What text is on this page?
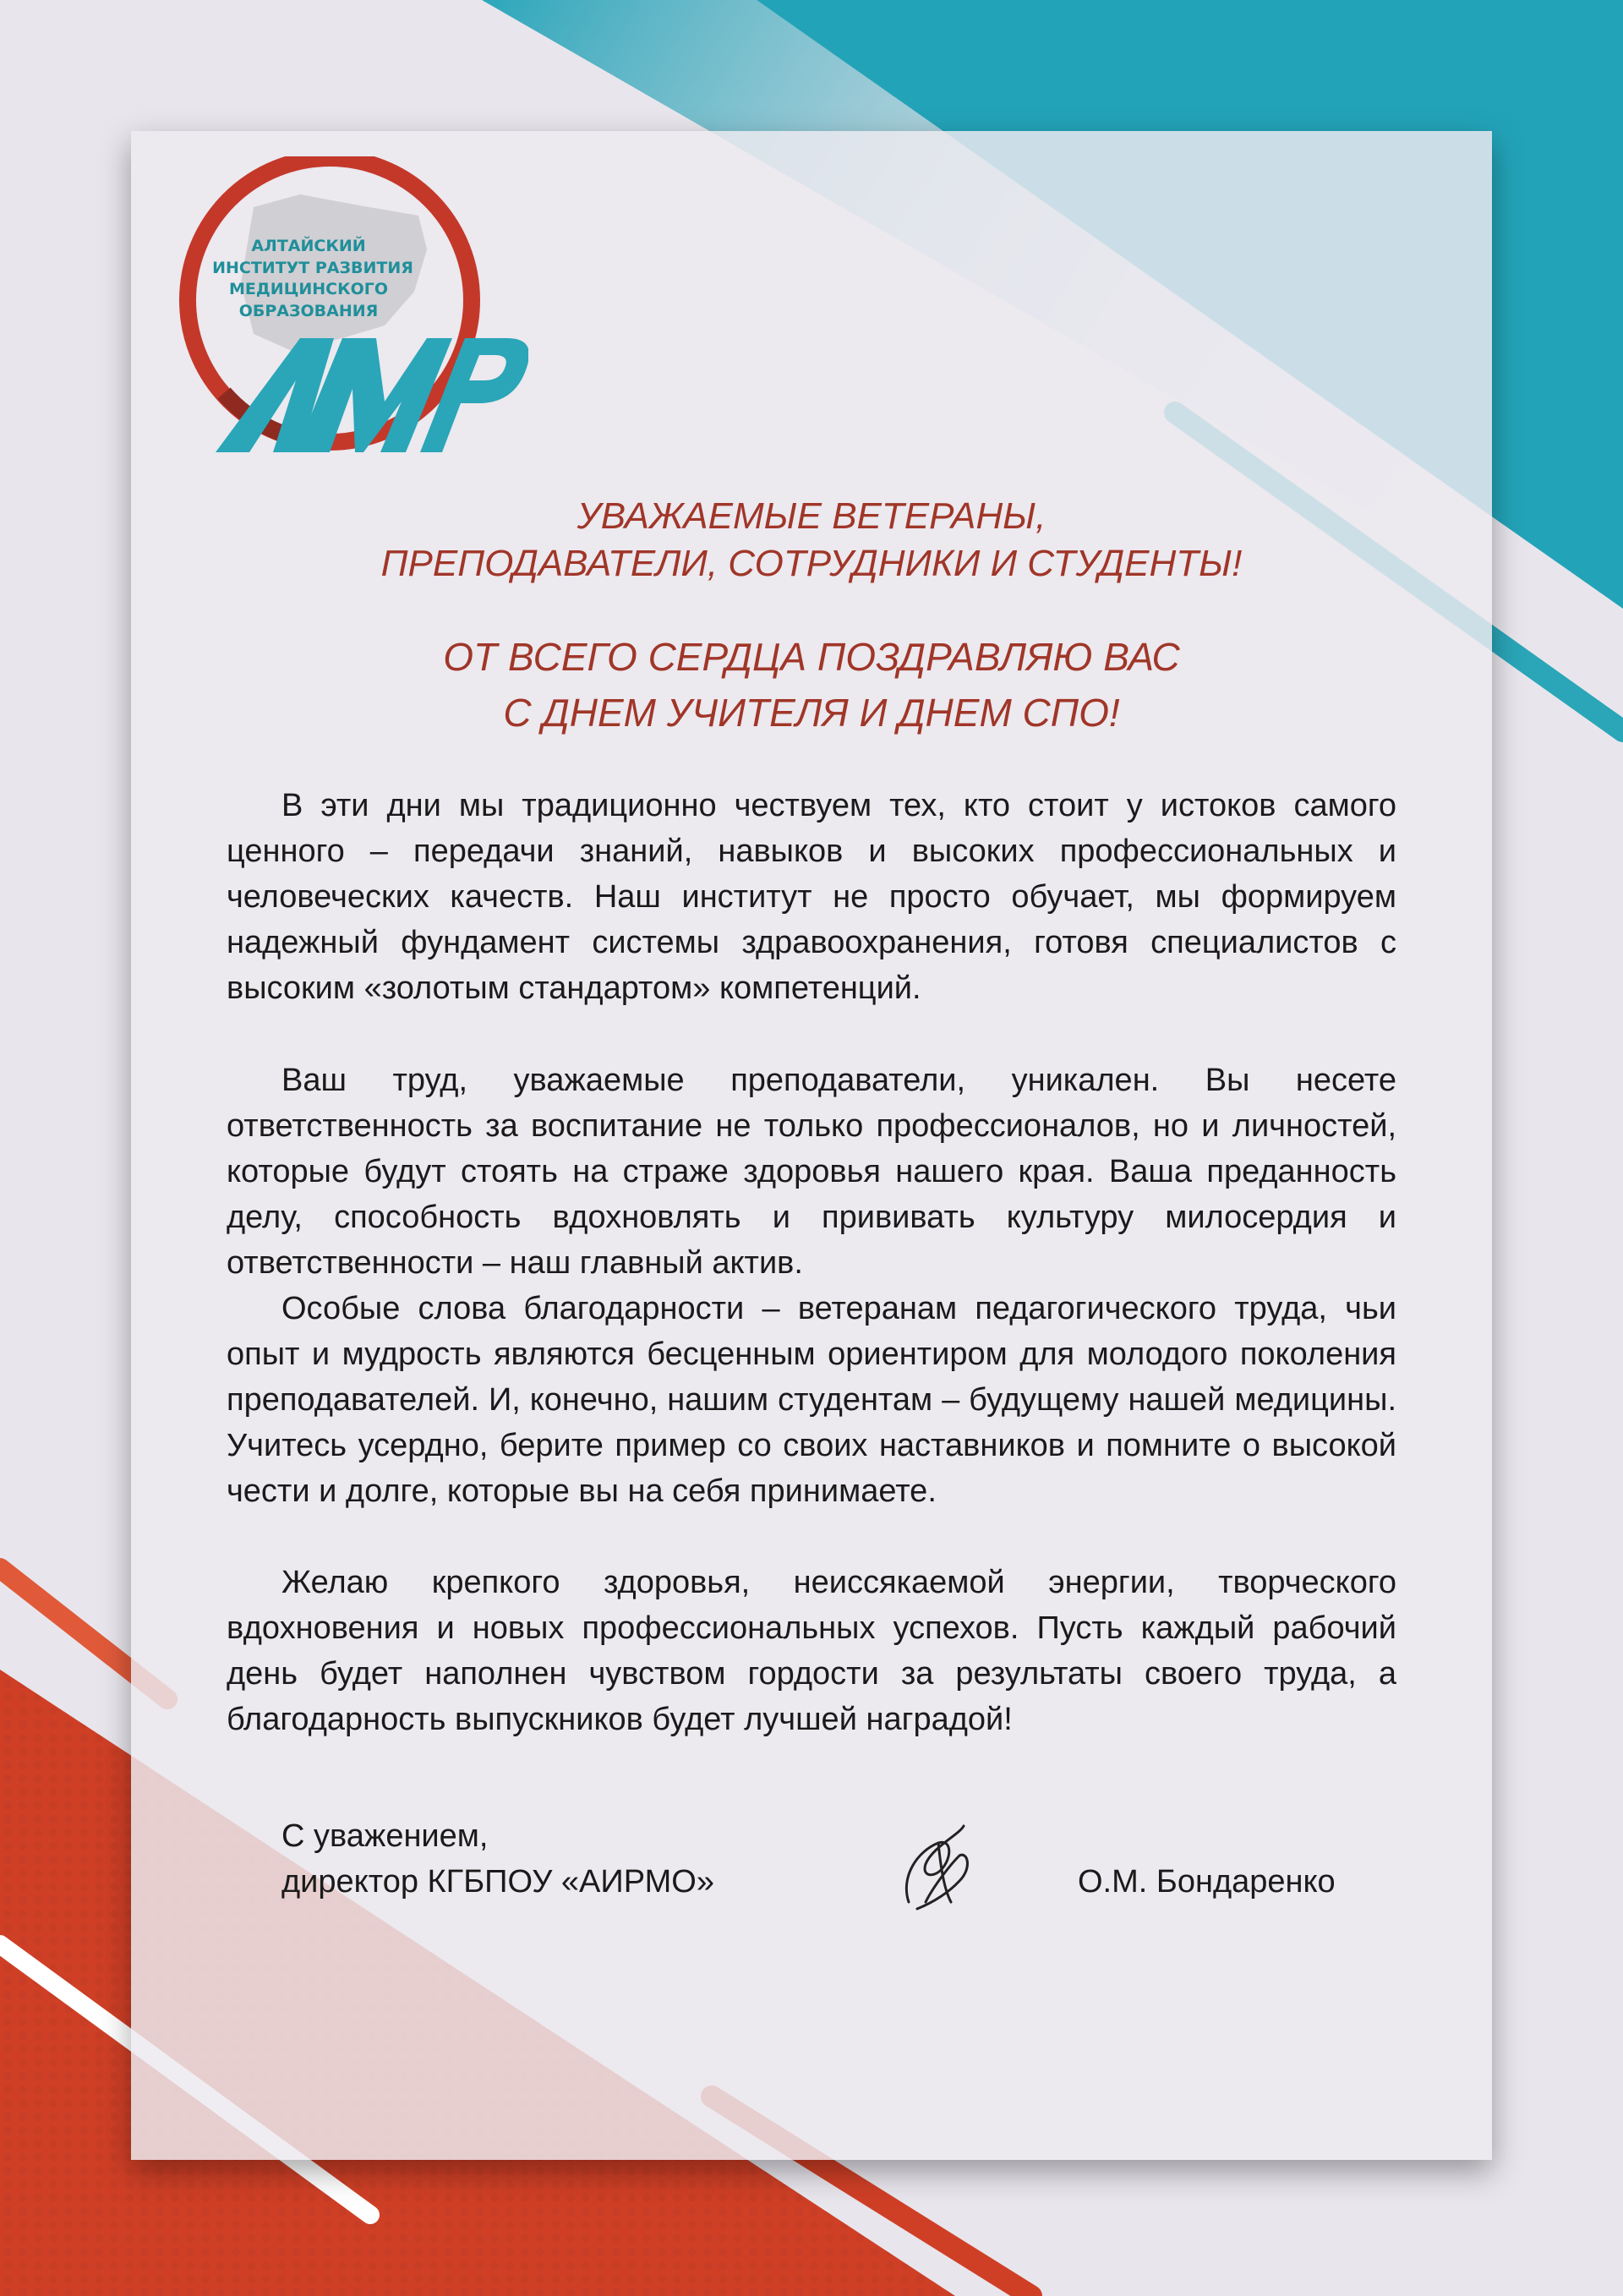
АЛТАЙСКИЙ
ИНСТИТУТ РАЗВИТИЯ
МЕДИЦИНСКОГО
ОБРАЗОВАНИЯ
УВАЖАЕМЫЕ ВЕТЕРАНЫ,
ПРЕПОДАВАТЕЛИ, СОТРУДНИКИ И СТУДЕНТЫ!
ОТ ВСЕГО СЕРДЦА ПОЗДРАВЛЯЮ ВАС
С ДНЕМ УЧИТЕЛЯ И ДНЕМ СПО!

В эти дни мы традиционно чествуем тех, кто стоит у истоков самого ценного – передачи знаний, навыков и высоких профессиональных и человеческих качеств. Наш институт не просто обучает, мы формируем надежный фундамент системы здравоохранения, готовя специалистов с высоким «золотым стандартом» компетенций.

Ваш труд, уважаемые преподаватели, уникален. Вы несете ответственность за воспитание не только профессионалов, но и личностей, которые будут стоять на страже здоровья нашего края. Ваша преданность делу, способность вдохновлять и прививать культуру милосердия и ответственности – наш главный актив.

Особые слова благодарности – ветеранам педагогического труда, чьи опыт и мудрость являются бесценным ориентиром для молодого поколения преподавателей. И, конечно, нашим студентам – будущему нашей медицины. Учитесь усердно, берите пример со своих наставников и помните о высокой чести и долге, которые вы на себя принимаете.

Желаю крепкого здоровья, неиссякаемой энергии, творческого вдохновения и новых профессиональных успехов. Пусть каждый рабочий день будет наполнен чувством гордости за результаты своего труда, а благодарность выпускников будет лучшей наградой!

С уважением,
директор КГБПОУ «АИРМО»	О.М. Бондаренко
